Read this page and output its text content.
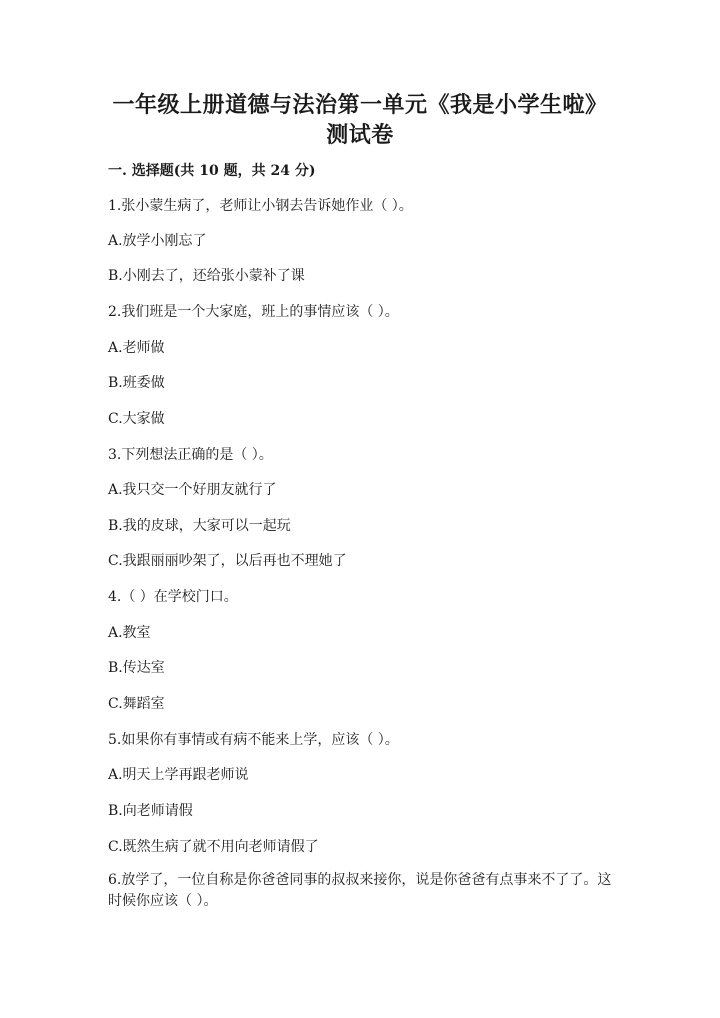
一年级上册道德与法治第一单元《我是小学生啦》
测试卷
一. 选择题(共 10 题，共 24 分)
1.张小蒙生病了，老师让小钢去告诉她作业（ ）。
A.放学小刚忘了
B.小刚去了，还给张小蒙补了课
2.我们班是一个大家庭，班上的事情应该（ ）。
A.老师做
B.班委做
C.大家做
3.下列想法正确的是（ ）。
A.我只交一个好朋友就行了
B.我的皮球，大家可以一起玩
C.我跟丽丽吵架了，以后再也不理她了
4.（ ）在学校门口。
A.教室
B.传达室
C.舞蹈室
5.如果你有事情或有病不能来上学，应该（ ）。
A.明天上学再跟老师说
B.向老师请假
C.既然生病了就不用向老师请假了
6.放学了，一位自称是你爸爸同事的叔叔来接你，说是你爸爸有点事来不了了。这时候你应该（ ）。
